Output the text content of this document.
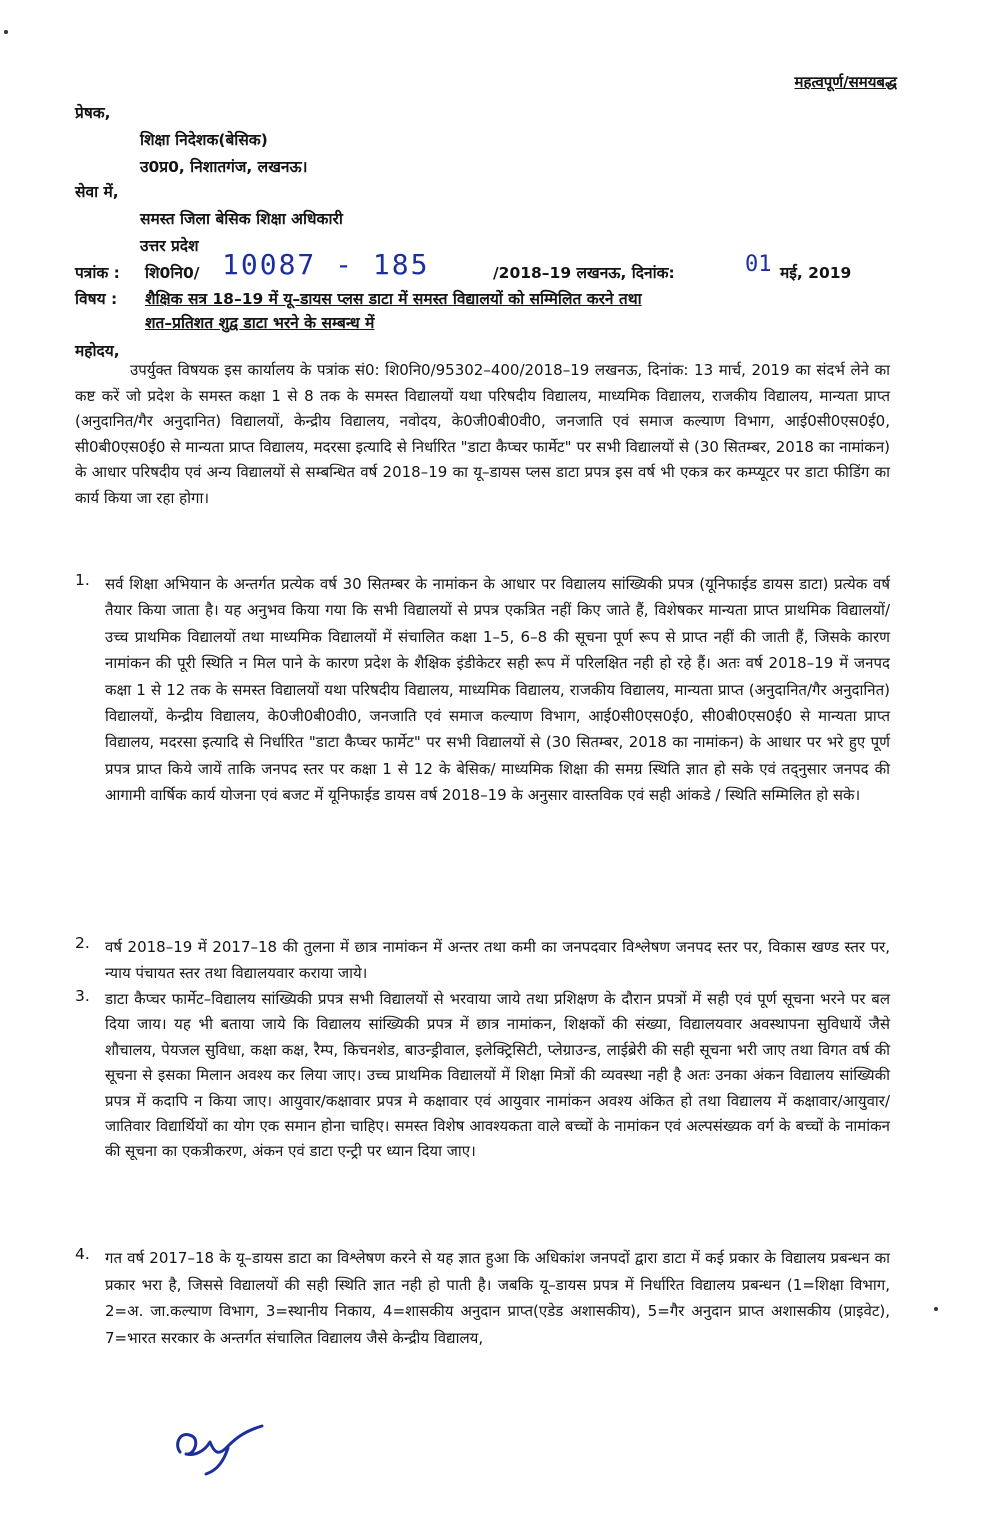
महत्वपूर्ण/समयबद्ध
प्रेषक,
शिक्षा निदेशक(बेसिक)
उ0प्र0, निशातगंज, लखनऊ।
सेवा में,
समस्त जिला बेसिक शिक्षा अधिकारी
उत्तर प्रदेश
पत्रांक : शि0नि0/ 10087 - 185	/2018–19 लखनऊ, दिनांक:	01 मई, 2019
विषय : शैक्षिक सत्र 18–19 में यू–डायस प्लस डाटा में समस्त विद्यालयों को सम्मिलित करने तथा
शत–प्रतिशत शुद्व डाटा भरने के सम्बन्ध में
महोदय,
उपर्युक्त विषयक इस कार्यालय के पत्रांक सं0: शि0नि0/95302–400/2018–19 लखनऊ, दिनांक: 13 मार्च, 2019 का संदर्भ लेने का कष्ट करें जो प्रदेश के समस्त कक्षा 1 से 8 तक के समस्त विद्यालयों यथा परिषदीय विद्यालय, माध्यमिक विद्यालय, राजकीय विद्यालय, मान्यता प्राप्त (अनुदानित/गैर अनुदानित) विद्यालयों, केन्द्रीय विद्यालय, नवोदय, के0जी0बी0वी0, जनजाति एवं समाज कल्याण विभाग, आई0सी0एस0ई0, सी0बी0एस0ई0 से मान्यता प्राप्त विद्यालय, मदरसा इत्यादि से निर्धारित "डाटा कैप्चर फार्मेट" पर सभी विद्यालयों से (30 सितम्बर, 2018 का नामांकन) के आधार परिषदीय एवं अन्य विद्यालयों से सम्बन्धित वर्ष 2018–19 का यू–डायस प्लस डाटा प्रपत्र इस वर्ष भी एकत्र कर कम्प्यूटर पर डाटा फीडिंग का कार्य किया जा रहा होगा।
1.	सर्व शिक्षा अभियान के अन्तर्गत प्रत्येक वर्ष 30 सितम्बर के नामांकन के आधार पर विद्यालय सांख्यिकी प्रपत्र (यूनिफाईड डायस डाटा) प्रत्येक वर्ष तैयार किया जाता है। यह अनुभव किया गया कि सभी विद्यालयों से प्रपत्र एकत्रित नहीं किए जाते हैं, विशेषकर मान्यता प्राप्त प्राथमिक विद्यालयों/उच्च प्राथमिक विद्यालयों तथा माध्यमिक विद्यालयों में संचालित कक्षा 1–5, 6–8 की सूचना पूर्ण रूप से प्राप्त नहीं की जाती हैं, जिसके कारण नामांकन की पूरी स्थिति न मिल पाने के कारण प्रदेश के शैक्षिक इंडीकेटर सही रूप में परिलक्षित नही हो रहे हैं। अतः वर्ष 2018–19 में जनपद कक्षा 1 से 12 तक के समस्त विद्यालयों यथा परिषदीय विद्यालय, माध्यमिक विद्यालय, राजकीय विद्यालय, मान्यता प्राप्त (अनुदानित/गैर अनुदानित) विद्यालयों, केन्द्रीय विद्यालय, के0जी0बी0वी0, जनजाति एवं समाज कल्याण विभाग, आई0सी0एस0ई0, सी0बी0एस0ई0 से मान्यता प्राप्त विद्यालय, मदरसा इत्यादि से निर्धारित "डाटा कैप्चर फार्मेट" पर सभी विद्यालयों से (30 सितम्बर, 2018 का नामांकन) के आधार पर भरे हुए पूर्ण प्रपत्र प्राप्त किये जायें ताकि जनपद स्तर पर कक्षा 1 से 12 के बेसिक/ माध्यमिक शिक्षा की समग्र स्थिति ज्ञात हो सके एवं तद्नुसार जनपद की आगामी वार्षिक कार्य योजना एवं बजट में यूनिफाईड डायस वर्ष 2018–19 के अनुसार वास्तविक एवं सही आंकडे / स्थिति सम्मिलित हो सके।
2.	वर्ष 2018–19 में 2017–18 की तुलना में छात्र नामांकन में अन्तर तथा कमी का जनपदवार विश्लेषण जनपद स्तर पर, विकास खण्ड स्तर पर, न्याय पंचायत स्तर तथा विद्यालयवार कराया जाये।
3.	डाटा कैप्चर फार्मेट–विद्यालय सांख्यिकी प्रपत्र सभी विद्यालयों से भरवाया जाये तथा प्रशिक्षण के दौरान प्रपत्रों में सही एवं पूर्ण सूचना भरने पर बल दिया जाय। यह भी बताया जाये कि विद्यालय सांख्यिकी प्रपत्र में छात्र नामांकन, शिक्षकों की संख्या, विद्यालयवार अवस्थापना सुविधायें जैसे शौचालय, पेयजल सुविधा, कक्षा कक्ष, रैम्प, किचनशेड, बाउन्ड्रीवाल, इलेक्ट्रिसिटी, प्लेग्राउन्ड, लाईब्रेरी की सही सूचना भरी जाए तथा विगत वर्ष की सूचना से इसका मिलान अवश्य कर लिया जाए। उच्च प्राथमिक विद्यालयों में शिक्षा मित्रों की व्यवस्था नही है अतः उनका अंकन विद्यालय सांख्यिकी प्रपत्र में कदापि न किया जाए। आयुवार/कक्षावार प्रपत्र मे कक्षावार एवं आयुवार नामांकन अवश्य अंकित हो तथा विद्यालय में कक्षावार/आयुवार/जातिवार विद्यार्थियों का योग एक समान होना चाहिए। समस्त विशेष आवश्यकता वाले बच्चों के नामांकन एवं अल्पसंख्यक वर्ग के बच्चों के नामांकन की सूचना का एकत्रीकरण, अंकन एवं डाटा एन्ट्री पर ध्यान दिया जाए।
4.	गत वर्ष 2017–18 के यू–डायस डाटा का विश्लेषण करने से यह ज्ञात हुआ कि अधिकांश जनपदों द्वारा डाटा में कई प्रकार के विद्यालय प्रबन्धन का प्रकार भरा है, जिससे विद्यालयों की सही स्थिति ज्ञात नही हो पाती है। जबकि यू–डायस प्रपत्र में निर्धारित विद्यालय प्रबन्धन (1=शिक्षा विभाग, 2=अ. जा.कल्याण विभाग, 3=स्थानीय निकाय, 4=शासकीय अनुदान प्राप्त(एडेड अशासकीय), 5=गैर अनुदान प्राप्त अशासकीय (प्राइवेट), 7=भारत सरकार के अन्तर्गत संचालित विद्यालय जैसे केन्द्रीय विद्यालय,
